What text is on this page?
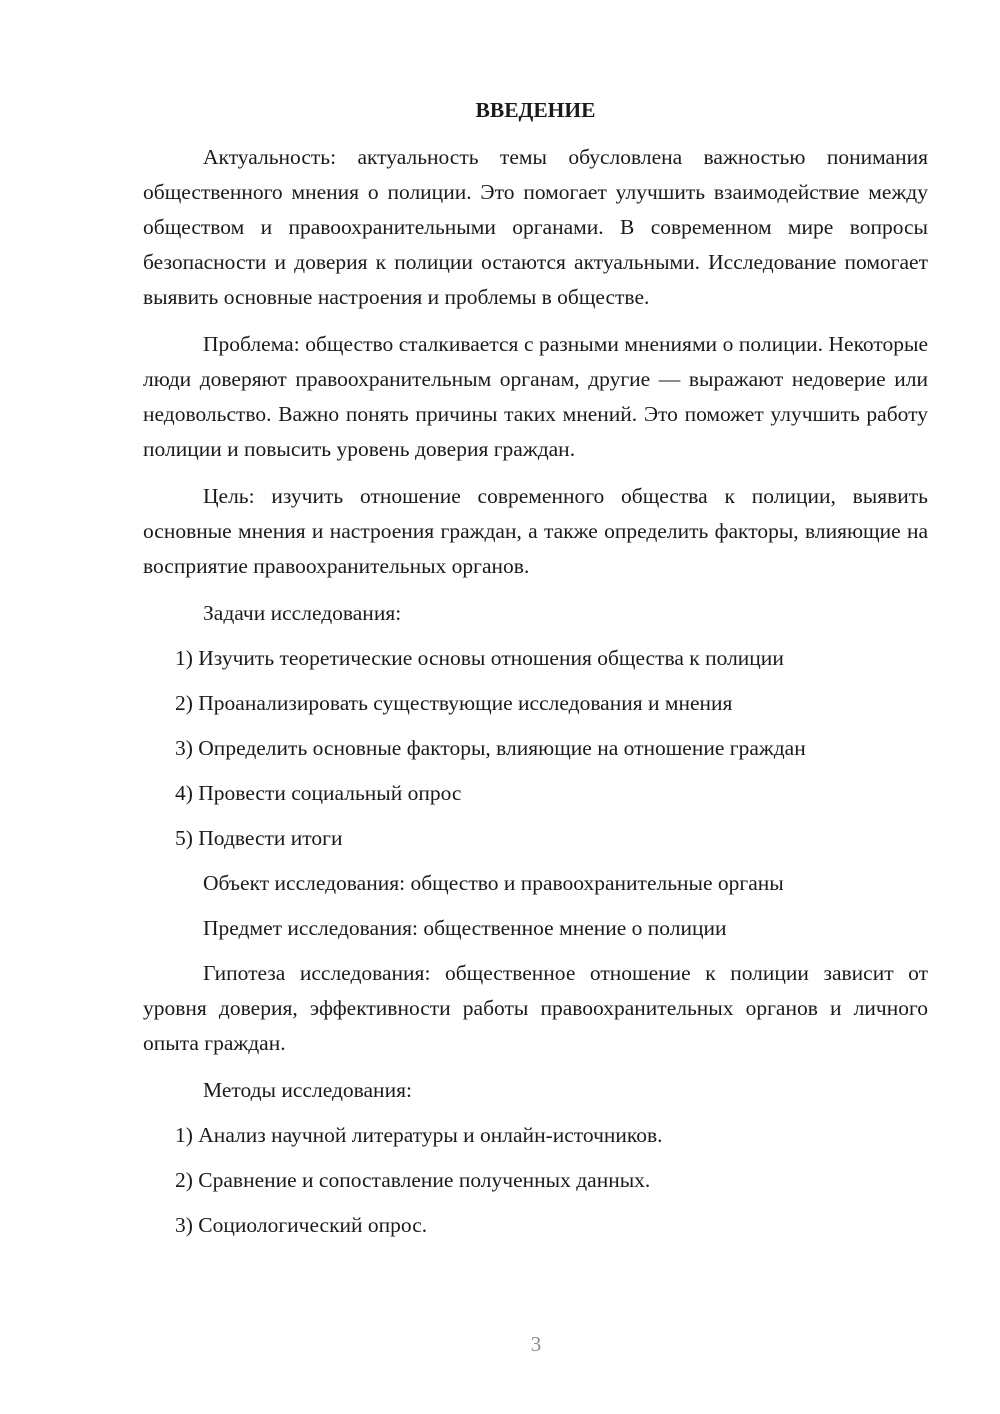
ВВЕДЕНИЕ

Актуальность: актуальность темы обусловлена важностью понимания общественного мнения о полиции. Это помогает улучшить взаимодействие между обществом и правоохранительными органами. В современном мире вопросы безопасности и доверия к полиции остаются актуальными. Исследование помогает выявить основные настроения и проблемы в обществе.

Проблема: общество сталкивается с разными мнениями о полиции. Некоторые люди доверяют правоохранительным органам, другие — выражают недоверие или недовольство. Важно понять причины таких мнений. Это поможет улучшить работу полиции и повысить уровень доверия граждан.

Цель: изучить отношение современного общества к полиции, выявить основные мнения и настроения граждан, а также определить факторы, влияющие на восприятие правоохранительных органов.

Задачи исследования:
1) Изучить теоретические основы отношения общества к полиции
2) Проанализировать существующие исследования и мнения
3) Определить основные факторы, влияющие на отношение граждан
4) Провести социальный опрос
5) Подвести итоги
Объект исследования: общество и правоохранительные органы
Предмет исследования: общественное мнение о полиции

Гипотеза исследования: общественное отношение к полиции зависит от уровня доверия, эффективности работы правоохранительных органов и личного опыта граждан.

Методы исследования:
1) Анализ научной литературы и онлайн-источников.
2) Сравнение и сопоставление полученных данных.
3) Социологический опрос.
3
